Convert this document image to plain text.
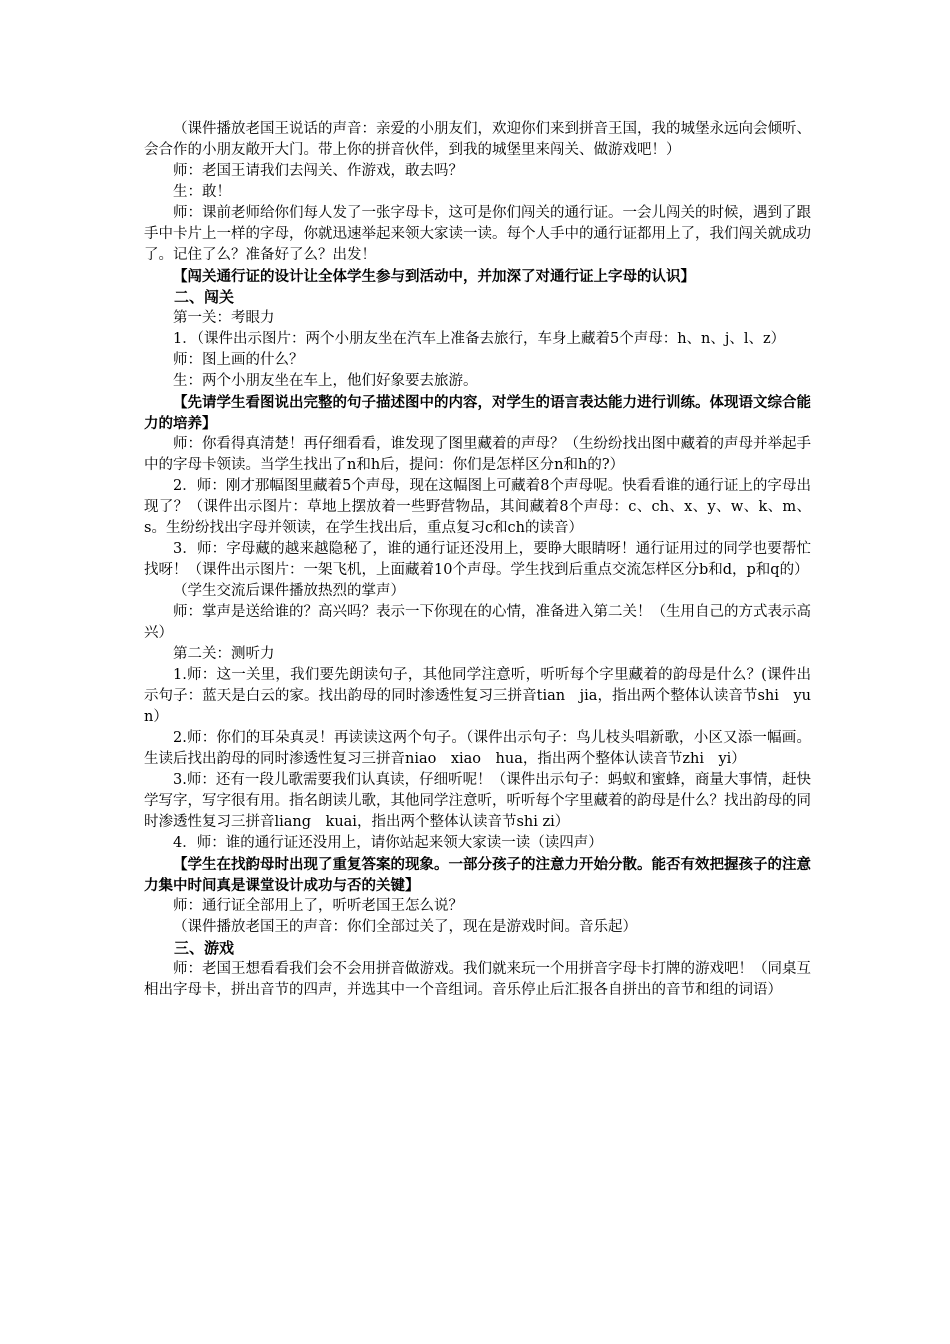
（课件播放老国王说话的声音：亲爱的小朋友们，欢迎你们来到拼音王国，我的城堡永远向会倾听、会合作的小朋友敞开大门。带上你的拼音伙伴，到我的城堡里来闯关、做游戏吧！）

师：老国王请我们去闯关、作游戏，敢去吗？

生：敢！

师：课前老师给你们每人发了一张字母卡，这可是你们闯关的通行证。一会儿闯关的时候，遇到了跟手中卡片上一样的字母，你就迅速举起来领大家读一读。每个人手中的通行证都用上了，我们闯关就成功了。记住了么？准备好了么？出发！

【闯关通行证的设计让全体学生参与到活动中，并加深了对通行证上字母的认识】

二、闯关

第一关：考眼力

1．（课件出示图片：两个小朋友坐在汽车上准备去旅行，车身上藏着5个声母：h、n、j、l、z）

师：图上画的什么？

生：两个小朋友坐在车上，他们好象要去旅游。

【先请学生看图说出完整的句子描述图中的内容，对学生的语言表达能力进行训练。体现语文综合能力的培养】

师：你看得真清楚！再仔细看看，谁发现了图里藏着的声母？（生纷纷找出图中藏着的声母并举起手中的字母卡领读。当学生找出了n和h后，提问：你们是怎样区分n和h的?）

2．师：刚才那幅图里藏着5个声母，现在这幅图上可藏着8个声母呢。快看看谁的通行证上的字母出现了？（课件出示图片：草地上摆放着一些野营物品，其间藏着8个声母：c、ch、x、y、w、k、m、s。生纷纷找出字母并领读，在学生找出后，重点复习c和ch的读音）

3．师：字母藏的越来越隐秘了，谁的通行证还没用上，要睁大眼睛呀！通行证用过的同学也要帮忙找呀！（课件出示图片：一架飞机，上面藏着10个声母。学生找到后重点交流怎样区分b和d，p和q的）

（学生交流后课件播放热烈的掌声）

师：掌声是送给谁的？高兴吗？表示一下你现在的心情，准备进入第二关！（生用自己的方式表示高兴）

第二关：测听力

1.师：这一关里，我们要先朗读句子，其他同学注意听，听听每个字里藏着的韵母是什么？(课件出示句子：蓝天是白云的家。找出韵母的同时渗透性复习三拼音tian　jia，指出两个整体认读音节shi　yun）

2.师：你们的耳朵真灵！再读读这两个句子。（课件出示句子：鸟儿枝头唱新歌，小区又添一幅画。生读后找出韵母的同时渗透性复习三拼音niao　xiao　hua，指出两个整体认读音节zhi　yi）

3.师：还有一段儿歌需要我们认真读，仔细听呢！（课件出示句子：蚂蚁和蜜蜂，商量大事情，赶快学写字，写字很有用。指名朗读儿歌，其他同学注意听，听听每个字里藏着的韵母是什么？找出韵母的同时渗透性复习三拼音liang　kuai，指出两个整体认读音节shi zi）

4．师：谁的通行证还没用上，请你站起来领大家读一读（读四声）

【学生在找韵母时出现了重复答案的现象。一部分孩子的注意力开始分散。能否有效把握孩子的注意力集中时间真是课堂设计成功与否的关键】

师：通行证全部用上了，听听老国王怎么说？

（课件播放老国王的声音：你们全部过关了，现在是游戏时间。音乐起）

三、游戏

师：老国王想看看我们会不会用拼音做游戏。我们就来玩一个用拼音字母卡打牌的游戏吧！（同桌互相出字母卡，拼出音节的四声，并选其中一个音组词。音乐停止后汇报各自拼出的音节和组的词语）
